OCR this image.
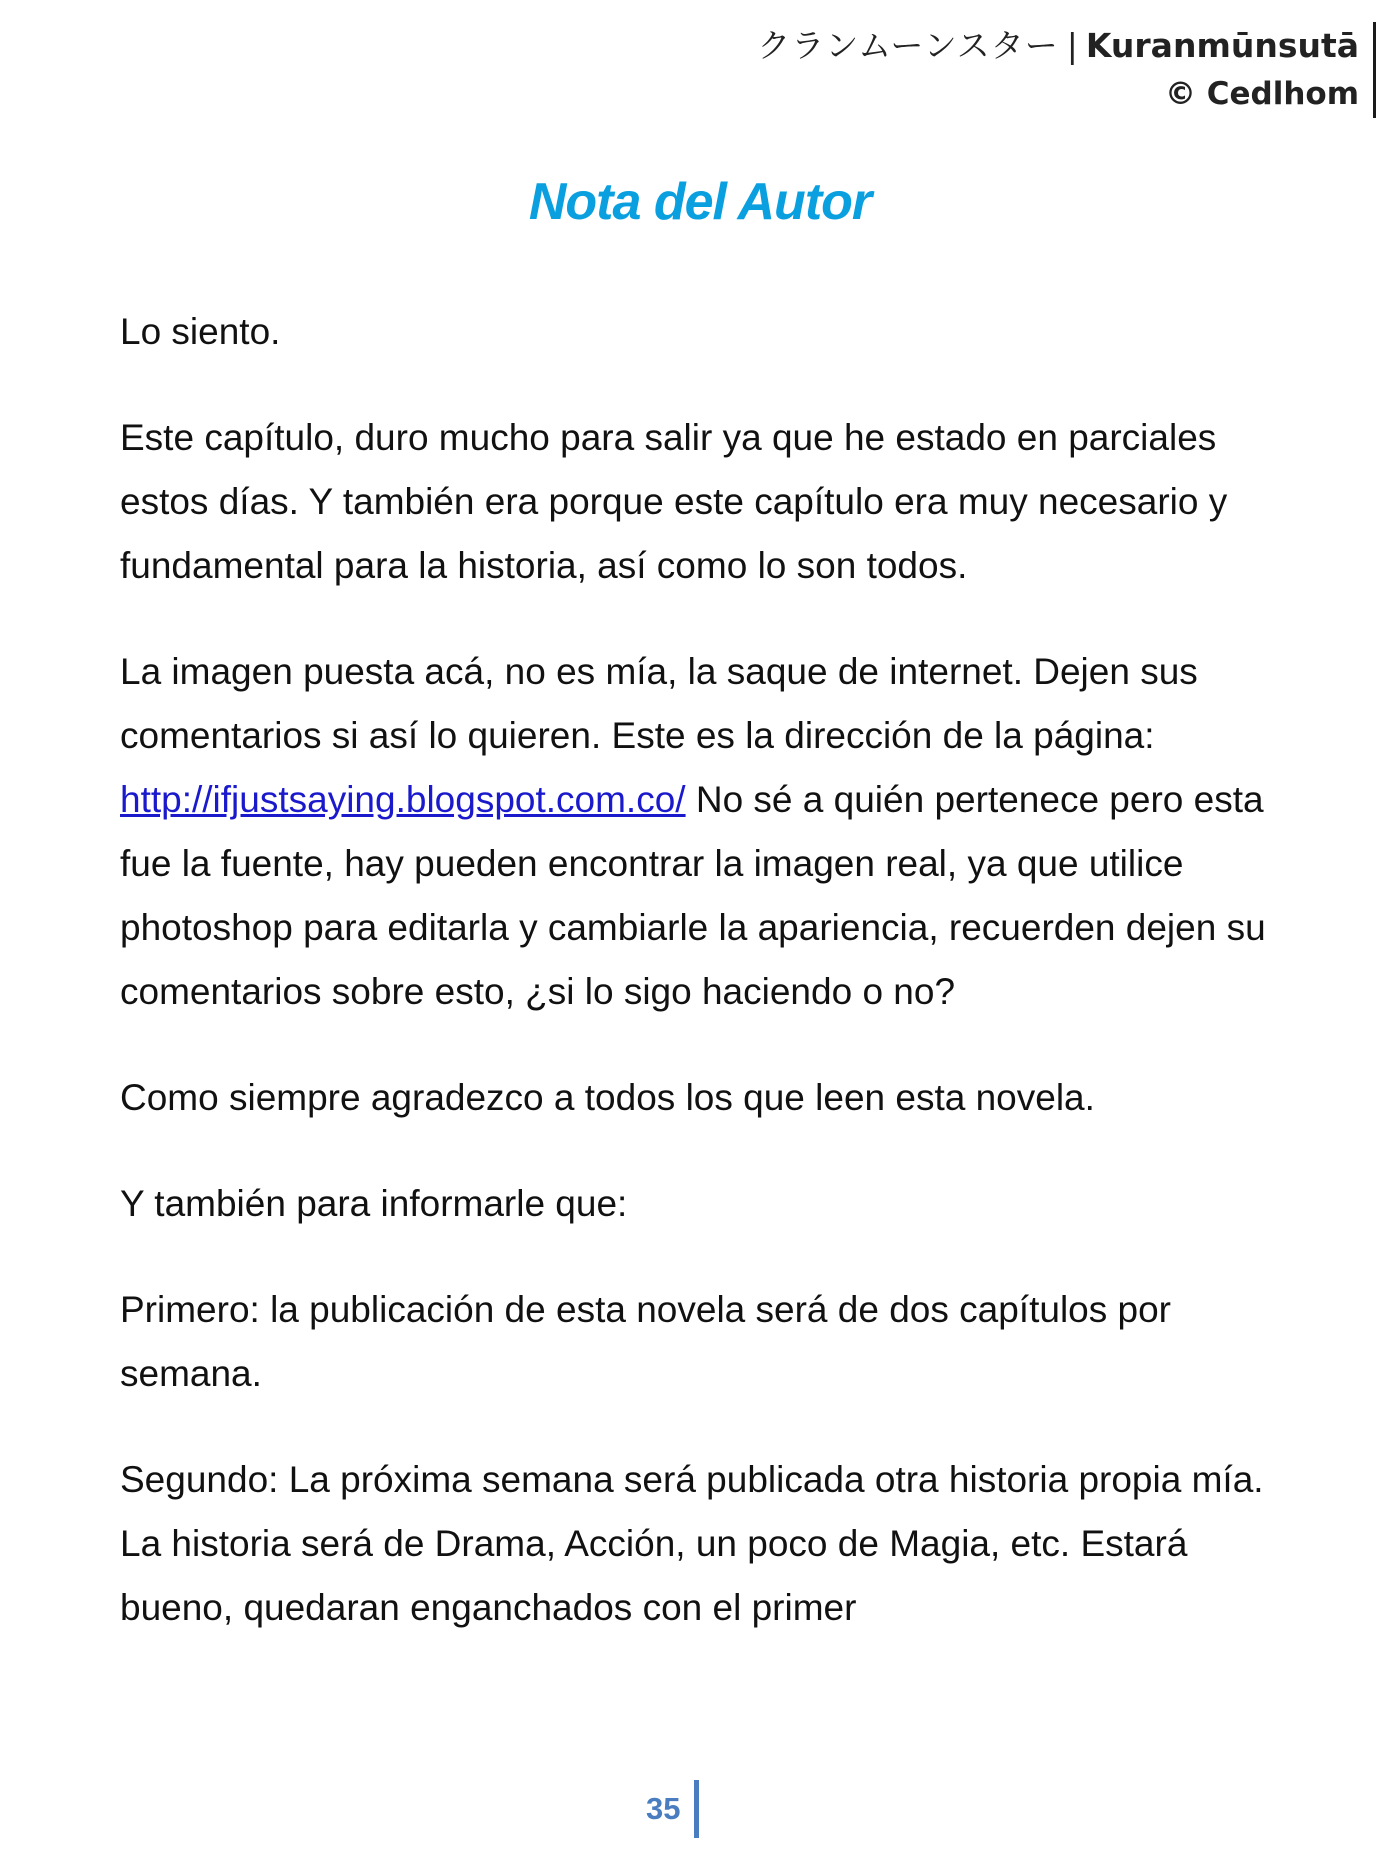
クランムーンスター | Kuranmūnsutā
© Cedlhom
Nota del Autor

Lo siento.

Este capítulo, duro mucho para salir ya que he estado en parciales estos días. Y también era porque este capítulo era muy necesario y fundamental para la historia, así como lo son todos.

La imagen puesta acá, no es mía, la saque de internet. Dejen sus comentarios si así lo quieren. Este es la dirección de la página: http://ifjustsaying.blogspot.com.co/ No sé a quién pertenece pero esta fue la fuente, hay pueden encontrar la imagen real, ya que utilice photoshop para editarla y cambiarle la apariencia, recuerden dejen su comentarios sobre esto, ¿si lo sigo haciendo o no?

Como siempre agradezco a todos los que leen esta novela.

Y también para informarle que:

Primero: la publicación de esta novela será de dos capítulos por semana.

Segundo: La próxima semana será publicada otra historia propia mía. La historia será de Drama, Acción, un poco de Magia, etc. Estará bueno, quedaran enganchados con el primer

35
